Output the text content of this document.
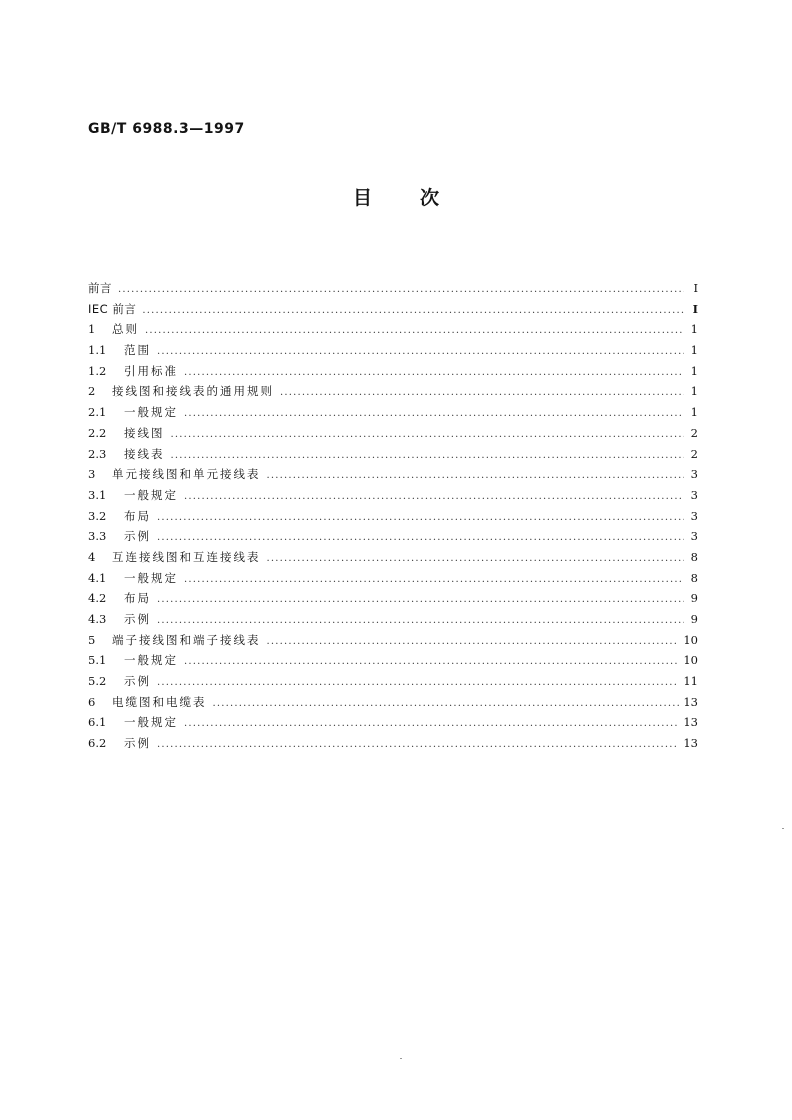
GB/T 6988.3—1997
目次
前言 .....	I
IEC 前言 .....	I
1	总则 .....	1
1.1	范围 .....	1
1.2	引用标准 .....	1
2	接线图和接线表的通用规则 .....	1
2.1	一般规定 .....	1
2.2	接线图 .....	2
2.3	接线表 .....	2
3	单元接线图和单元接线表 .....	3
3.1	一般规定 .....	3
3.2	布局 .....	3
3.3	示例 .....	3
4	互连接线图和互连接线表 .....	8
4.1	一般规定 .....	8
4.2	布局 .....	9
4.3	示例 .....	9
5	端子接线图和端子接线表 .....	10
5.1	一般规定 .....	10
5.2	示例 .....	11
6	电缆图和电缆表 .....	13
6.1	一般规定 .....	13
6.2	示例 .....	13
